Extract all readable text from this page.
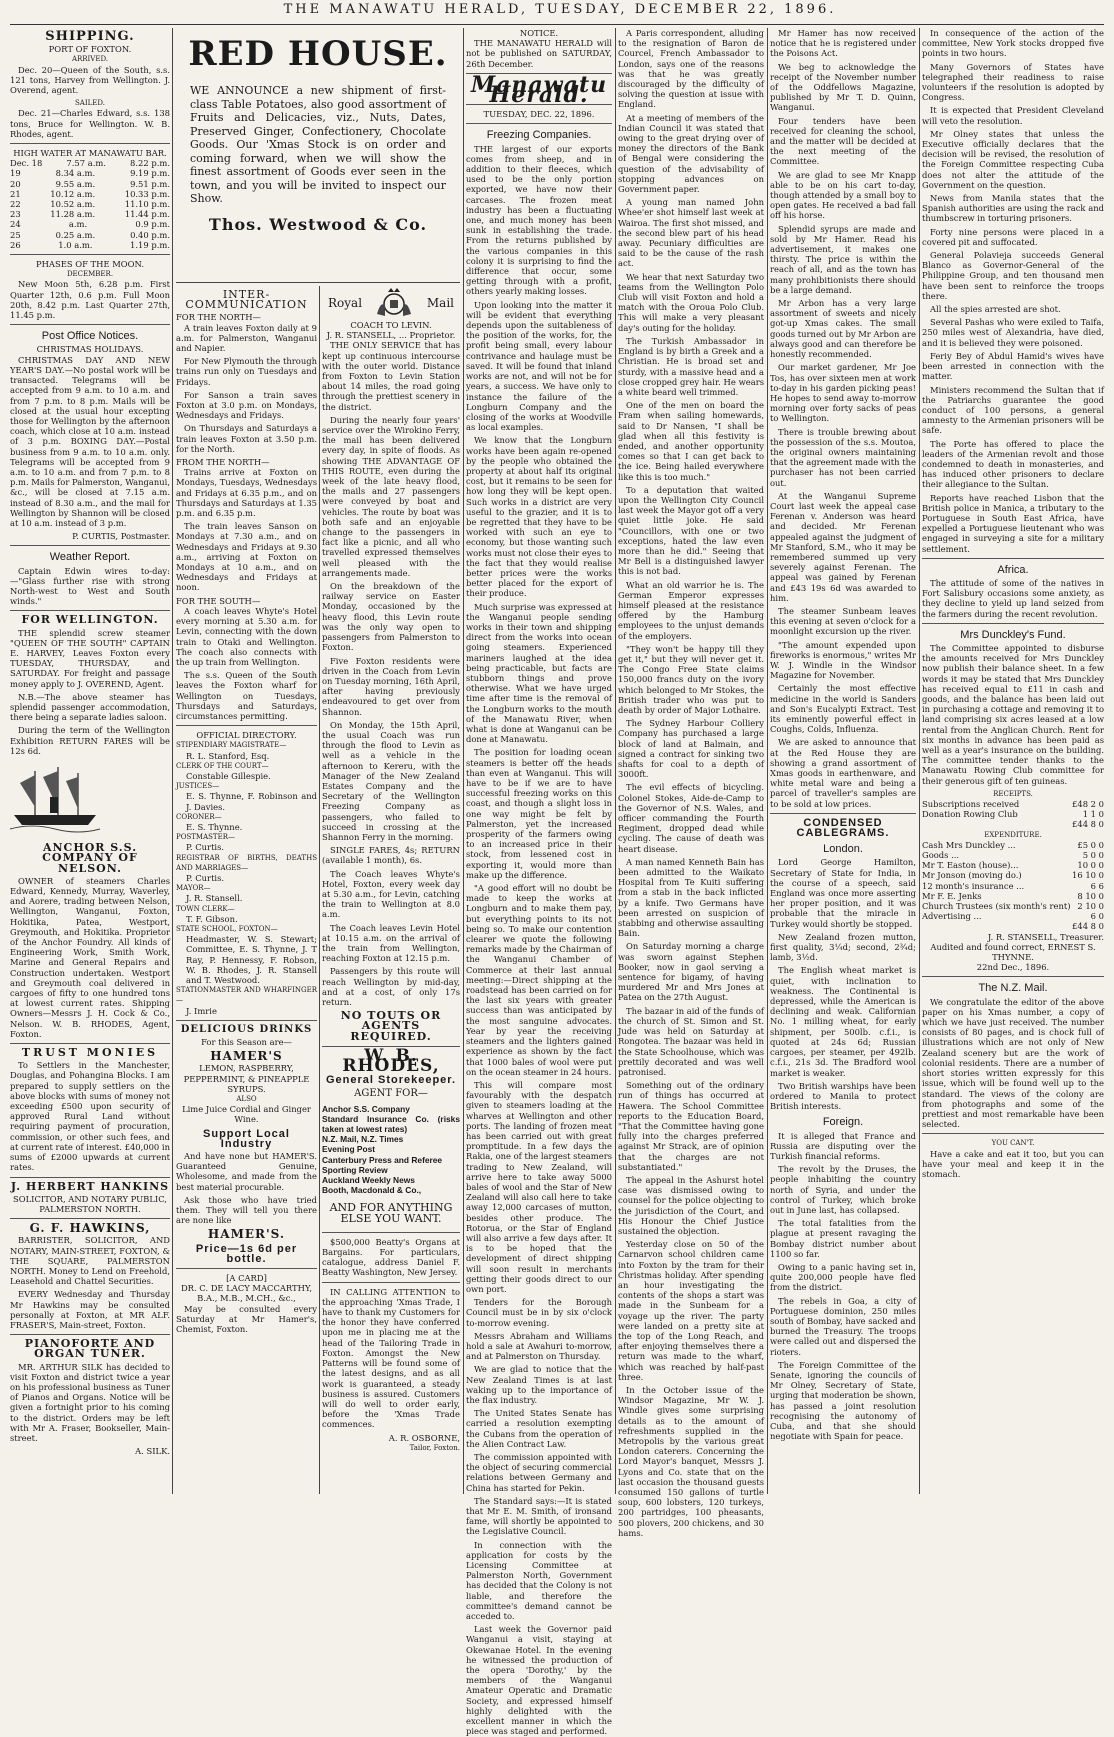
THE MANAWATU HERALD, TUESDAY, DECEMBER 22, 1896.
SHIPPING.
PORT OF FOXTON.
ARRIVED.

Dec. 20—Queen of the South, s.s. 121 tons, Harvey from Wellington. J. Overend, agent.

SAILED.

Dec. 21—Charles Edward, s.s. 138 tons, Bruce for Wellington. W. B. Rhodes, agent.

HIGH WATER AT MANAWATU BAR.
Dec. 18	7.57 a.m.	8.22 p.m.
19	8.34 a.m.	9.19 p.m.
20	9.55 a.m.	9.51 p.m.
21	10.12 a.m.	10.33 p.m.
22	10.52 a.m.	11.10 p.m.
23	11.28 a.m.	11.44 p.m.
24	a.m.	0.9 p.m.
25	0.25 a.m.	0.40 p.m.
26	1.0 a.m.	1.19 p.m.
PHASES OF THE MOON.
DECEMBER.

New Moon 5th, 6.28 p.m. First Quarter 12th, 0.6 p.m. Full Moon 20th, 8.42 p.m. Last Quarter 27th, 11.45 p.m.

Post Office Notices.
CHRISTMAS HOLIDAYS.

CHRISTMAS DAY AND NEW YEAR'S DAY.—No postal work will be transacted. Telegrams will be accepted from 9 a.m. to 10 a.m. and from 7 p.m. to 8 p.m. Mails will be closed at the usual hour excepting those for Wellington by the afternoon coach, which close at 10 a.m. instead of 3 p.m. BOXING DAY.—Postal business from 9 a.m. to 10 a.m. only. Telegrams will be accepted from 9 a.m. to 10 a.m. and from 7 p.m. to 8 p.m. Mails for Palmerston, Wanganui, &c., will be closed at 7.15 a.m. instead of 8.30 a.m., and the mail for Wellington by Shannon will be closed at 10 a.m. instead of 3 p.m.

P. CURTIS, Postmaster.
Weather Report.

Captain Edwin wires to-day:—"Glass further rise with strong North-west to West and South winds."

FOR WELLINGTON.

THE splendid screw steamer "QUEEN OF THE SOUTH" CAPTAIN E. HARVEY, Leaves Foxton every TUESDAY, THURSDAY, and SATURDAY. For freight and passage money apply to J. OVEREND, Agent.

N.B.—The above steamer has splendid passenger accommodation, there being a separate ladies saloon.

During the term of the Wellington Exhibition RETURN FARES will be 12s 6d.

ANCHOR S.S. COMPANY OF NELSON.

OWNER of steamers Charles Edward, Kennedy, Murray, Waverley, and Aorere, trading between Nelson, Wellington, Wanganui, Foxton, Hokitika, Patea, Westport, Greymouth, and Hokitika. Proprietor of the Anchor Foundry. All kinds of Engineering Work, Smith Work, Marine and General Repairs and Construction undertaken. Westport and Greymouth coal delivered in cargoes of fifty to one hundred tons at lowest current rates. Shipping Owners—Messrs J. H. Cock & Co., Nelson. W. B. RHODES, Agent, Foxton.

TRUST MONIES

To Settlers in the Manchester, Douglas, and Pohangina Blocks. I am prepared to supply settlers on the above blocks with sums of money not exceeding £500 upon security of approved Rural Land without requiring payment of procuration, commission, or other such fees, and at current rate of interest. £40,000 in sums of £2000 upwards at current rates.

J. HERBERT HANKINS
SOLICITOR, AND NOTARY PUBLIC, PALMERSTON NORTH.
G. F. HAWKINS,

BARRISTER, SOLICITOR, AND NOTARY, MAIN-STREET, FOXTON, & THE SQUARE, PALMERSTON NORTH. Money to Lend on Freehold, Leasehold and Chattel Securities.

EVERY Wednesday and Thursday Mr Hawkins may be consulted personally at Foxton, at MR ALF. FRASER'S, Main-street, Foxton.

PIANOFORTE AND ORGAN TUNER.

MR. ARTHUR SILK has decided to visit Foxton and district twice a year on his professional business as Tuner of Pianos and Organs. Notice will be given a fortnight prior to his coming to the district. Orders may be left with Mr A. Fraser, Bookseller, Main-street.

A. SILK.
RED HOUSE.
WE ANNOUNCE a new shipment of first-class Table Potatoes, also good assortment of Fruits and Delicacies, viz., Nuts, Dates, Preserved Ginger, Confectionery, Chocolate Goods. Our 'Xmas Stock is on order and coming forward, when we will show the finest assortment of Goods ever seen in the town, and you will be invited to inspect our Show.
Thos. Westwood & Co.
INTER-COMMUNICATION
FOR THE NORTH—

A train leaves Foxton daily at 9 a.m. for Palmerston, Wanganui and Napier.

For New Plymouth the through trains run only on Tuesdays and Fridays.

For Sanson a train saves Foxton at 3.0 p.m. on Mondays, Wednesdays and Fridays.

On Thursdays and Saturdays a train leaves Foxton at 3.50 p.m. for the North.

FROM THE NORTH—

Trains arrive at Foxton on Mondays, Tuesdays, Wednesdays and Fridays at 6.35 p.m., and on Thursdays and Saturdays at 1.35 p.m. and 6.35 p.m.

The train leaves Sanson on Mondays at 7.30 a.m., and on Wednesdays and Fridays at 9.30 a.m., arriving at Foxton on Mondays at 10 a.m., and on Wednesdays and Fridays at noon.

FOR THE SOUTH—

A coach leaves Whyte's Hotel every morning at 5.30 a.m. for Levin, connecting with the down train to Otaki and Wellington. The coach also connects with the up train from Wellington.

The s.s. Queen of the South leaves the Foxton wharf for Wellington on Tuesdays, Thursdays and Saturdays, circumstances permitting.

OFFICIAL DIRECTORY.
STIPENDIARY MAGISTRATE—
R. L. Stanford, Esq.
CLERK OF THE COURT—
Constable Gillespie.
JUSTICES—
E. S. Thynne, F. Robinson and J. Davies.
CORONER—
E. S. Thynne.
POSTMASTER—
P. Curtis.
REGISTRAR OF BIRTHS, DEATHS AND MARRIAGES—
P. Curtis.
MAYOR—
J. R. Stansell.
TOWN CLERK—
T. F. Gibson.
STATE SCHOOL, FOXTON—
Headmaster, W. S. Stewart; Committee, E. S. Thynne, J. T Ray, P. Hennessy, F. Robson, W. B. Rhodes, J. R. Stansell and T. Westwood.
STATIONMASTER AND WHARFINGER—
J. Imrie
DELICIOUS DRINKS
For this Season are—
HAMER'S
LEMON, RASPBERRY, PEPPERMINT, & PINEAPPLE SYRUPS.
ALSO
Lime Juice Cordial and Ginger Wine.
Support Local Industry

And have none but HAMER'S. Guaranteed Genuine, Wholesome, and made from the best material procurable.

Ask those who have tried them. They will tell you there are none like

HAMER'S.
Price—1s 6d per bottle.
[A CARD]
DR. C. DE LACY MACCARTHY,
B.A., M.B., M.CH., &c.,

May be consulted every Saturday at Mr Hamer's, Chemist, Foxton.

Royal	Mail
COACH TO LEVIN.
J. R. STANSELL, ... Proprietor.

THE ONLY SERVICE that has kept up continuous intercourse with the outer world. Distance from Foxton to Levin Station about 14 miles, the road going through the prettiest scenery in the district.

During the nearly four years' service over the Wirokino Ferry, the mail has been delivered every day, in spite of floods. As showing THE ADVANTAGE OF THIS ROUTE, even during the week of the late heavy flood, the mails and 27 passengers were conveyed by boat and vehicles. The route by boat was both safe and an enjoyable change to the passengers in fact like a picnic, and all who travelled expressed themselves well pleased with the arrangements made.

On the breakdown of the railway service on Easter Monday, occasioned by the heavy flood, this Levin route was the only way open to passengers from Palmerston to Foxton.

Five Foxton residents were driven in the Coach from Levin on Tuesday morning, 16th April, after having previously endeavoured to get over from Shannon.

On Monday, the 15th April, the usual Coach was run through the flood to Levin as well as a vehicle in the afternoon to Kereru, with the Manager of the New Zealand Estates Company and the Secretary of the Wellington Freezing Company as passengers, who failed to succeed in crossing at the Shannon Ferry in the morning.

SINGLE FARES, 4s; RETURN (available 1 month), 6s.

The Coach leaves Whyte's Hotel, Foxton, every week day at 5.30 a.m., for Levin, catching the train to Wellington at 8.0 a.m.

The Coach leaves Levin Hotel at 10.15 a.m. on the arrival of the train from Wellington, reaching Foxton at 12.15 p.m.

Passengers by this route will reach Wellington by mid-day, and at a cost, of only 17s return.

NO TOUTS OR AGENTS REQUIRED.
W. B. RHODES,
General Storekeeper.
AGENT FOR—
Anchor S.S. Company
Standard Insurance Co. (risks taken at lowest rates)
N.Z. Mail, N.Z. Times
Evening Post
Canterbury Press and Referee
Sporting Review
Auckland Weekly News
Booth, Macdonald & Co.,
AND FOR ANYTHING ELSE YOU WANT.

$500,000 Beatty's Organs at Bargains. For particulars, catalogue, address Daniel F. Beatty Washington, New Jersey.

IN CALLING ATTENTION to the approaching 'Xmas Trade, I have to thank my Customers for the honor they have conferred upon me in placing me at the head of the Tailoring Trade in Foxton. Amongst the New Patterns will be found some of the latest designs, and as all work is guaranteed, a steady business is assured. Customers will do well to order early, before the 'Xmas Trade commences.

A. R. OSBORNE,
Tailor, Foxton.
NOTICE.

THE MANAWATU HERALD will not be published on SATURDAY, 26th December.

Manawatu Herald.
TUESDAY, DEC. 22, 1896.
Freezing Companies.

THE largest of our exports comes from sheep, and in addition to their fleeces, which used to be the only portion exported, we have now their carcases. The frozen meat industry has been a fluctuating one, and much money has been sunk in establishing the trade. From the returns published by the various companies in this colony it is surprising to find the difference that occur, some getting through with a profit, others yearly making losses.

Upon looking into the matter it will be evident that everything depends upon the suitableness of the position of the works, for, the profit being small, every labour contrivance and haulage must be saved. It will be found that inland works are not, and will not be for years, a success. We have only to instance the failure of the Longburn Company and the closing of the works at Woodville as local examples.

We know that the Longburn works have been again re-opened by the people who obtained the property at about half its original cost, but it remains to be seen for how long they will be kept open. Such works in a district are very useful to the grazier, and it is to be regretted that they have to be worked with such an eye to economy, but those wanting such works must not close their eyes to the fact that they would realise better prices were the works better placed for the export of their produce.

Much surprise was expressed at the Wanganui people sending works in their town and shipping direct from the works into ocean going steamers. Experienced mariners laughed at the idea being practicable, but facts are stubborn things and prove otherwise. What we have urged time after time is the removal of the Longburn works to the mouth of the Manawatu River, when what is done at Wanganui can be done at Manawatu.

The position for loading ocean steamers is better off the heads than even at Wanganui. This will have to be if we are to have successful freezing works on this coast, and though a slight loss in one way might be felt by Palmerston, yet the increased prosperity of the farmers owing to an increased price in their stock, from lessened cost in exporting it, would more than make up the difference.

"A good effort will no doubt be made to keep the works at Longburn and to make them pay, but everything points to its not being so. To make our contention clearer we quote the following remarks made by the Chairman of the Wanganui Chamber of Commerce at their last annual meeting:—Direct shipping at the roadstead has been carried on for the last six years with greater success than was anticipated by the most sanguine advocates. Year by year the receiving steamers and the lighters gained experience as shown by the fact that 1000 bales of wool were put on the ocean steamer in 24 hours.

This will compare most favourably with the despatch given to steamers loading at the wharves at Wellington and other ports. The landing of frozen meat has been carried out with great promptitude. In a few days the Rakia, one of the largest steamers trading to New Zealand, will arrive here to take away 5000 bales of wool and the Star of New Zealand will also call here to take away 12,000 carcases of mutton, besides other produce. The Rotorua, or the Star of England will also arrive a few days after. It is to be hoped that the development of direct shipping will soon result in merchants getting their goods direct to our own port.

Tenders for the Borough Council must be in by six o'clock to-morrow evening.

Messrs Abraham and Williams hold a sale at Awahuri to-morrow, and at Palmerston on Thursday.

We are glad to notice that the New Zealand Times is at last waking up to the importance of the flax industry.

The United States Senate has carried a resolution exempting the Cubans from the operation of the Alien Contract Law.

The commission appointed with the object of securing commercial relations between Germany and China has started for Pekin.

The Standard says:—It is stated that Mr E. M. Smith, of ironsand fame, will shortly be appointed to the Legislative Council.

In connection with the application for costs by the Licensing Committee at Palmerston North, Government has decided that the Colony is not liable, and therefore the committee's demand cannot be acceded to.

Last week the Governor paid Wanganui a visit, staying at Okewanae Hotel. In the evening he witnessed the production of the opera 'Dorothy,' by the members of the Wanganui Amateur Operatic and Dramatic Society, and expressed himself highly delighted with the excellent manner in which the piece was staged and performed.

A Paris correspondent, alluding to the resignation of Baron de Courcel, French Ambassador to London, says one of the reasons was that he was greatly discouraged by the difficulty of solving the question at issue with England.

At a meeting of members of the Indian Council it was stated that owing to the great drying over of money the directors of the Bank of Bengal were considering the question of the advisability of stopping advances on Government paper.

A young man named John Whee'er shot himself last week at Wairoa. The first shot missed, and the second blew part of his head away. Pecuniary difficulties are said to be the cause of the rash act.

We hear that next Saturday two teams from the Wellington Polo Club will visit Foxton and hold a match with the Oroua Polo Club. This will make a very pleasant day's outing for the holiday.

The Turkish Ambassador in England is by birth a Greek and a Christian. He is broad set and sturdy, with a massive head and a close cropped grey hair. He wears a white beard well trimmed.

One of the men on board the Fram when sailing homewards, said to Dr Nansen, "I shall be glad when all this festivity is ended, and another opportunity comes so that I can get back to the ice. Being hailed everywhere like this is too much."

To a deputation that waited upon the Wellington City Council last week the Mayor got off a very quiet little joke. He said "Councillors, with one or two exceptions, hated the law even more than he did." Seeing that Mr Bell is a distinguished lawyer this is not bad.

What an old warrior he is. The German Emperor expresses himself pleased at the resistance offered by the Hamburg employees to the unjust demands of the employers.

"They won't be happy till they get it," but they will never get it. The Congo Free State claims 150,000 francs duty on the ivory which belonged to Mr Stokes, the British trader who was put to death by order of Major Lothaire.

The Sydney Harbour Colliery Company has purchased a large block of land at Balmain, and signed a contract for sinking two shafts for coal to a depth of 3000ft.

The evil effects of bicycling. Colonel Stokes, Aide-de-Camp to the Governor of N.S. Wales, and officer commanding the Fourth Regiment, dropped dead while cycling. The cause of death was heart disease.

A man named Kenneth Bain has been admitted to the Waikato Hospital from Te Kuiti suffering from a stab in the back inflicted by a knife. Two Germans have been arrested on suspicion of stabbing and otherwise assaulting Bain.

On Saturday morning a charge was sworn against Stephen Booker, now in gaol serving a sentence for bigamy, of having murdered Mr and Mrs Jones at Patea on the 27th August.

The bazaar in aid of the funds of the church of St. Simon and St. Jude was held on Saturday at Rongotea. The bazaar was held in the State Schoolhouse, which was prettily decorated and was well patronised.

Something out of the ordinary run of things has occurred at Hawera. The School Committee reports to the Education Board, "That the Committee having gone fully into the charges preferred against Mr Strack, are of opinion that the charges are not substantiated."

The appeal in the Ashurst hotel case was dismissed owing to counsel for the police objecting to the jurisdiction of the Court, and His Honour the Chief Justice sustained the objection.

Yesterday close on 50 of the Carnarvon school children came into Foxton by the tram for their Christmas holiday. After spending an hour investigating the contents of the shops a start was made in the Sunbeam for a voyage up the river. The party were landed on a pretty site at the top of the Long Reach, and after enjoying themselves there a return was made to the wharf, which was reached by half-past three.

In the October issue of the Windsor Magazine, Mr W. J. Windle gives some surprising details as to the amount of refreshments supplied in the Metropolis by the various great London caterers. Concerning the Lord Mayor's banquet, Messrs J. Lyons and Co. state that on the last occasion the thousand guests consumed 150 gallons of turtle soup, 600 lobsters, 120 turkeys, 200 partridges, 100 pheasants, 500 plovers, 200 chickens, and 30 hams.

Mr Hamer has now received notice that he is registered under the Poisons Act.

We beg to acknowledge the receipt of the November number of the Oddfellows Magazine, published by Mr T. D. Quinn, Wanganui.

Four tenders have been received for cleaning the school, and the matter will be decided at the next meeting of the Committee.

We are glad to see Mr Knapp able to be on his cart to-day, though attended by a small boy to open gates. He received a bad fall off his horse.

Splendid syrups are made and sold by Mr Hamer. Read his advertisement, it makes one thirsty. The price is within the reach of all, and as the town has many prohibitionists there should be a large demand.

Mr Arbon has a very large assortment of sweets and nicely got-up Xmas cakes. The small goods turned out by Mr Arbon are always good and can therefore be honestly recommended.

Our market gardener, Mr Joe Tos, has over sixteen men at work to-day in his garden picking peas! He hopes to send away to-morrow morning over forty sacks of peas to Wellington.

There is trouble brewing about the possession of the s.s. Moutoa, the original owners maintaining that the agreement made with the purchaser has not been carried out.

At the Wanganui Supreme Court last week the appeal case Ferenan v. Anderson was heard and decided. Mr Ferenan appealed against the judgment of Mr Stanford, S.M., who it may be remembered summed up very severely against Ferenan. The appeal was gained by Ferenan and £43 19s 6d was awarded to him.

The steamer Sunbeam leaves this evening at seven o'clock for a moonlight excursion up the river.

"The amount expended upon fireworks is enormous," writes Mr W. J. Windle in the Windsor Magazine for November.

Certainly the most effective medicine in the world is Sanders and Son's Eucalypti Extract. Test its eminently powerful effect in Coughs, Colds, Influenza.

We are asked to announce that at the Red House they are showing a grand assortment of Xmas goods in earthenware, and white metal ware and being a parcel of traveller's samples are to be sold at low prices.

CONDENSED CABLEGRAMS.
London.

Lord George Hamilton, Secretary of State for India, in the course of a speech, said England was once more asserting her proper position, and it was probable that the miracle in Turkey would shortly be stopped.

New Zealand frozen mutton, first quality, 3¼d; second, 2¾d; lamb, 3½d.

The English wheat market is quiet, with inclination to weakness. The Continental is depressed, while the American is declining and weak. Californian No. 1 milling wheat, for early shipment, per 500lb. c.f.i., is quoted at 24s 6d; Russian cargoes, per steamer, per 492lb. c.f.i., 21s 3d. The Bradford wool market is weaker.

Two British warships have been ordered to Manila to protect British interests.

Foreign.

It is alleged that France and Russia are disputing over the Turkish financial reforms.

The revolt by the Druses, the people inhabiting the country north of Syria, and under the control of Turkey, which broke out in June last, has collapsed.

The total fatalities from the plague at present ravaging the Bombay district number about 1100 so far.

Owing to a panic having set in, quite 200,000 people have fled from the district.

The rebels in Goa, a city of Portuguese dominion, 250 miles south of Bombay, have sacked and burned the Treasury. The troops were called out and dispersed the rioters.

The Foreign Committee of the Senate, ignoring the councils of Mr Olney, Secretary of State, urging that moderation be shown, has passed a joint resolution recognising the autonomy of Cuba, and that she should negotiate with Spain for peace.

In consequence of the action of the committee, New York stocks dropped five points in two hours.

Many Governors of States have telegraphed their readiness to raise volunteers if the resolution is adopted by Congress.

It is expected that President Cleveland will veto the resolution.

Mr Olney states that unless the Executive officially declares that the decision will be revised, the resolution of the Foreign Committee respecting Cuba does not alter the attitude of the Government on the question.

News from Manila states that the Spanish authorities are using the rack and thumbscrew in torturing prisoners.

Forty nine persons were placed in a covered pit and suffocated.

General Polavieja succeeds General Blanco as Governor-General of the Philippine Group, and ten thousand men have been sent to reinforce the troops there.

All the spies arrested are shot.

Several Pashas who were exiled to Taifa, 250 miles west of Alexandria, have died, and it is believed they were poisoned.

Feriy Bey of Abdul Hamid's wives have been arrested in connection with the matter.

Ministers recommend the Sultan that if the Patriarchs guarantee the good conduct of 100 persons, a general amnesty to the Armenian prisoners will be safe.

The Porte has offered to place the leaders of the Armenian revolt and those condemned to death in monasteries, and has induced other prisoners to declare their allegiance to the Sultan.

Reports have reached Lisbon that the British police in Manica, a tributary to the Portuguese in South East Africa, have expelled a Portuguese lieutenant who was engaged in surveying a site for a military settlement.

Africa.

The attitude of some of the natives in Fort Salisbury occasions some anxiety, as they decline to yield up land seized from the farmers during the recent revolution.

Mrs Dunckley's Fund.

The Committee appointed to disburse the amounts received for Mrs Dunckley now publish their balance sheet. In a few words it may be stated that Mrs Dunckley has received equal to £11 in cash and goods, and the balance has been laid out in purchasing a cottage and removing it to land comprising six acres leased at a low rental from the Anglican Church. Rent for six months in advance has been paid as well as a year's insurance on the building. The committee tender thanks to the Manawatu Rowing Club committee for their generous gift of ten guineas.

RECEIPTS.
Subscriptions received	£48 2 0
Donation Rowing Club	1 1 0
£44 8 0
EXPENDITURE.
Cash Mrs Dunckley ...	£5 0 0
Goods ...	5 0 0
Mr T. Easton (house)...	10 0 0
Mr Jonson (moving do.)	16 10 0
12 month's insurance ...	6 6
Mr F. E. Jenks	8 10 0
Church Trustees (six month's rent) 2 10 0
Advertising ...	6 0
£44 8 0
J. R. STANSELL, Treasurer.
Audited and found correct, ERNEST S. THYNNE.
22nd Dec., 1896.
The N.Z. Mail.

We congratulate the editor of the above paper on his Xmas number, a copy of which we have just received. The number consists of 80 pages, and is chock full of illustrations which are not only of New Zealand scenery but are the work of colonial residents. There are a number of short stories written expressly for this issue, which will be found well up to the standard. The views of the colony are from photographs and some of the prettiest and most remarkable have been selected.

YOU CAN'T.

Have a cake and eat it too, but you can have your meal and keep it in the stomach.
